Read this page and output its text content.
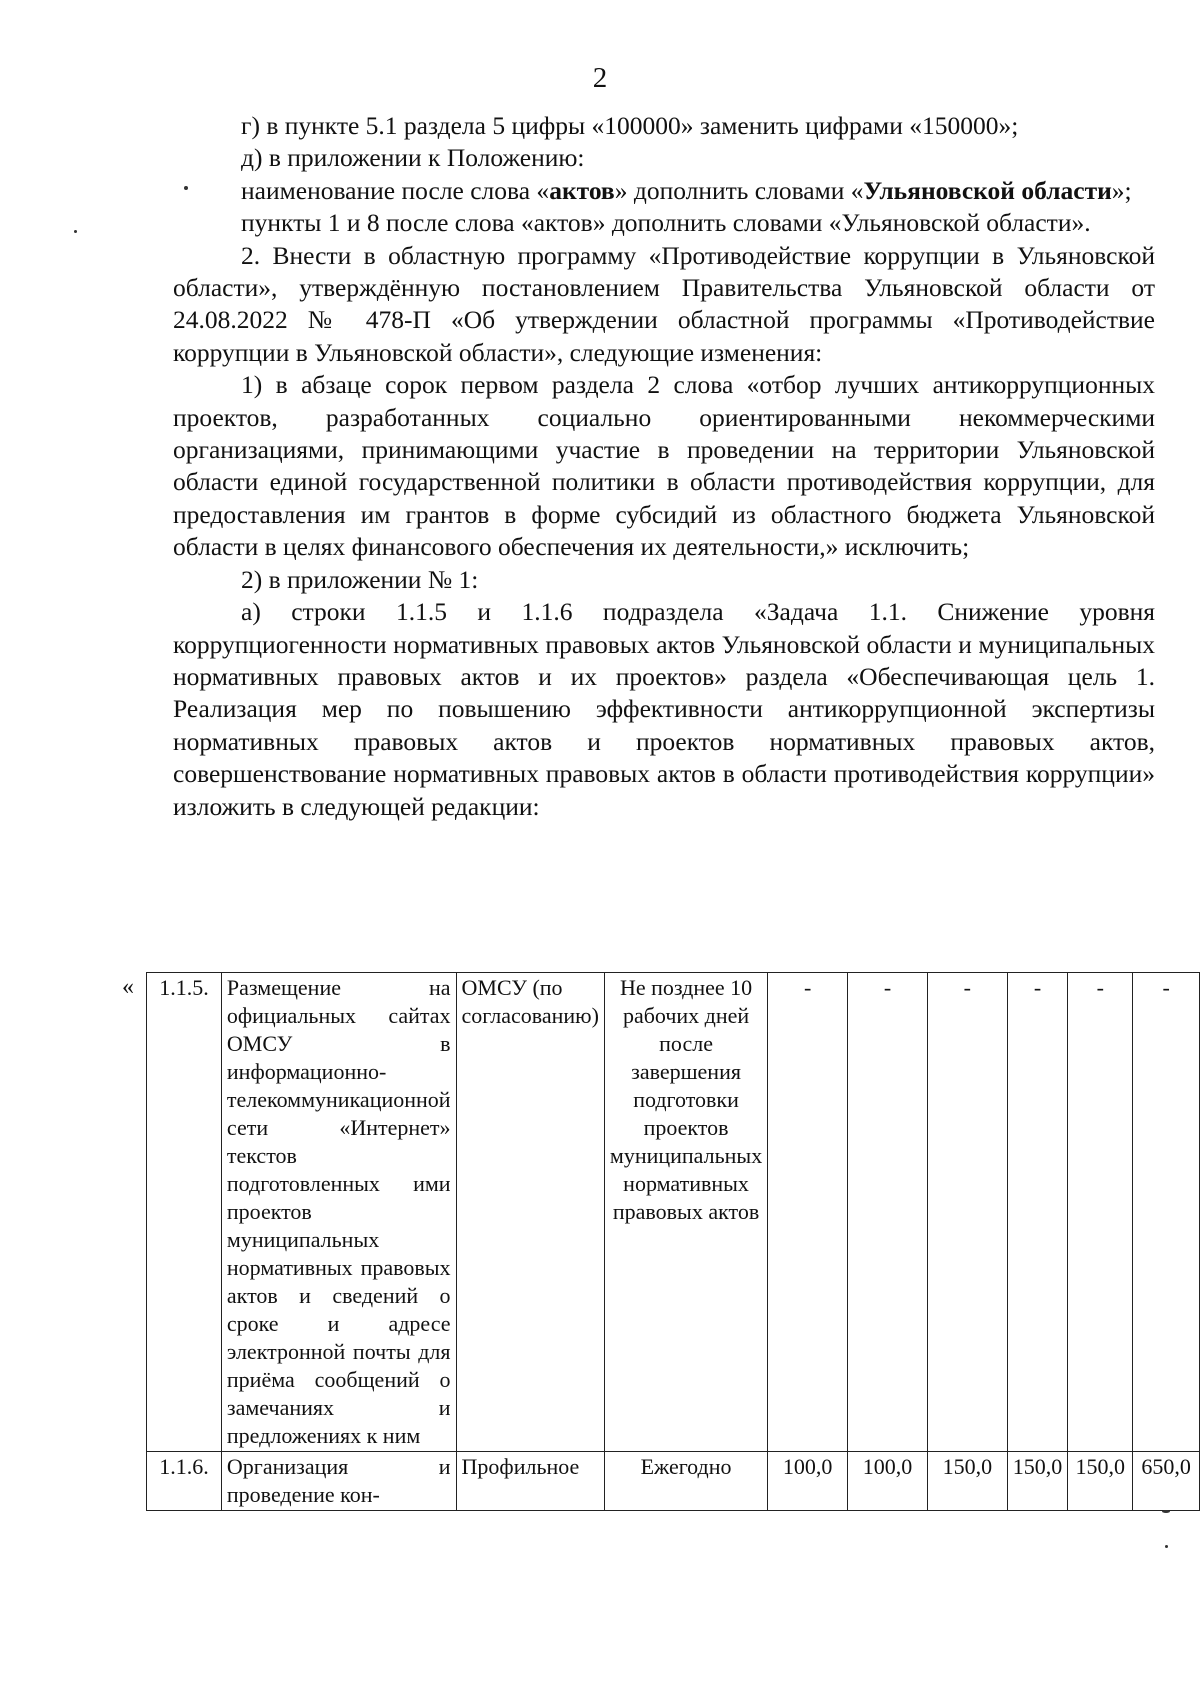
2

г) в пункте 5.1 раздела 5 цифры «100000» заменить цифрами «150000»;

д) в приложении к Положению:

наименование после слова «актов» дополнить словами «Ульяновской области»;

пункты 1 и 8 после слова «актов» дополнить словами «Ульяновской области».

2. Внести в областную программу «Противодействие коррупции в Ульяновской области», утверждённую постановлением Правительства Ульяновской области от 24.08.2022 № 478-П «Об утверждении областной программы «Противодействие коррупции в Ульяновской области», следующие изменения:

1) в абзаце сорок первом раздела 2 слова «отбор лучших антикоррупционных проектов, разработанных социально ориентированными некоммерческими организациями, принимающими участие в проведении на территории Ульяновской области единой государственной политики в области противодействия коррупции, для предоставления им грантов в форме субсидий из областного бюджета Ульяновской области в целях финансового обеспечения их деятельности,» исключить;

2) в приложении № 1:

а) строки 1.1.5 и 1.1.6 подраздела «Задача 1.1. Снижение уровня коррупциогенности нормативных правовых актов Ульяновской области и муниципальных нормативных правовых актов и их проектов» раздела «Обеспечивающая цель 1. Реализация мер по повышению эффективности антикоррупционной экспертизы нормативных правовых актов и проектов нормативных правовых актов, совершенствование нормативных правовых актов в области противодействия коррупции» изложить в следующей редакции:

« 1.1.5.	Размещение на официальных сайтах ОМСУ в информационно-телекоммуникационной сети «Интернет» текстов подготовленных ими проектов муниципальных нормативных правовых актов и сведений о сроке и адресе электронной почты для приёма сообщений о замечаниях и предложениях к ним	ОМСУ (по согласованию)	Не позднее 10 рабочих дней после завершения подготовки проектов муниципальных нормативных правовых актов	-	-	-	-	-	-
1.1.6.	Организация и проведение кон-	Профильное	Ежегодно	100,0	100,0	150,0	150,0	150,0	650,0
